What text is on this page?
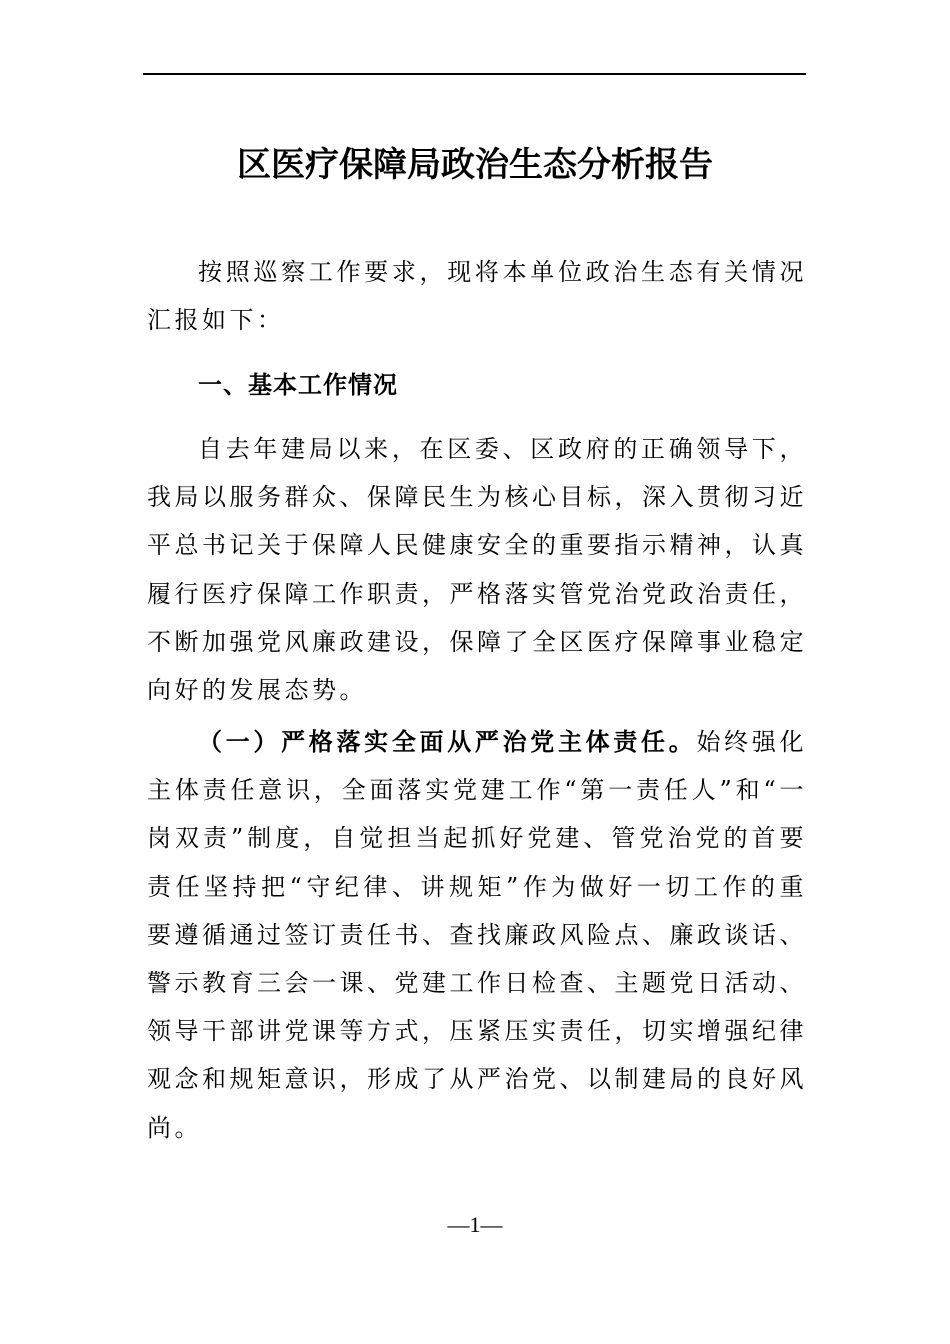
区医疗保障局政治生态分析报告

按照巡察工作要求，现将本单位政治生态有关情况汇报如下：

一、基本工作情况

自去年建局以来，在区委、区政府的正确领导下，我局以服务群众、保障民生为核心目标，深入贯彻习近平总书记关于保障人民健康安全的重要指示精神，认真履行医疗保障工作职责，严格落实管党治党政治责任，不断加强党风廉政建设，保障了全区医疗保障事业稳定向好的发展态势。

（一）严格落实全面从严治党主体责任。始终强化主体责任意识，全面落实党建工作“第一责任人”和“一岗双责”制度，自觉担当起抓好党建、管党治党的首要责任坚持把“守纪律、讲规矩”作为做好一切工作的重要遵循通过签订责任书、查找廉政风险点、廉政谈话、警示教育三会一课、党建工作日检查、主题党日活动、领导干部讲党课等方式，压紧压实责任，切实增强纪律观念和规矩意识，形成了从严治党、以制建局的良好风尚。

—1—
